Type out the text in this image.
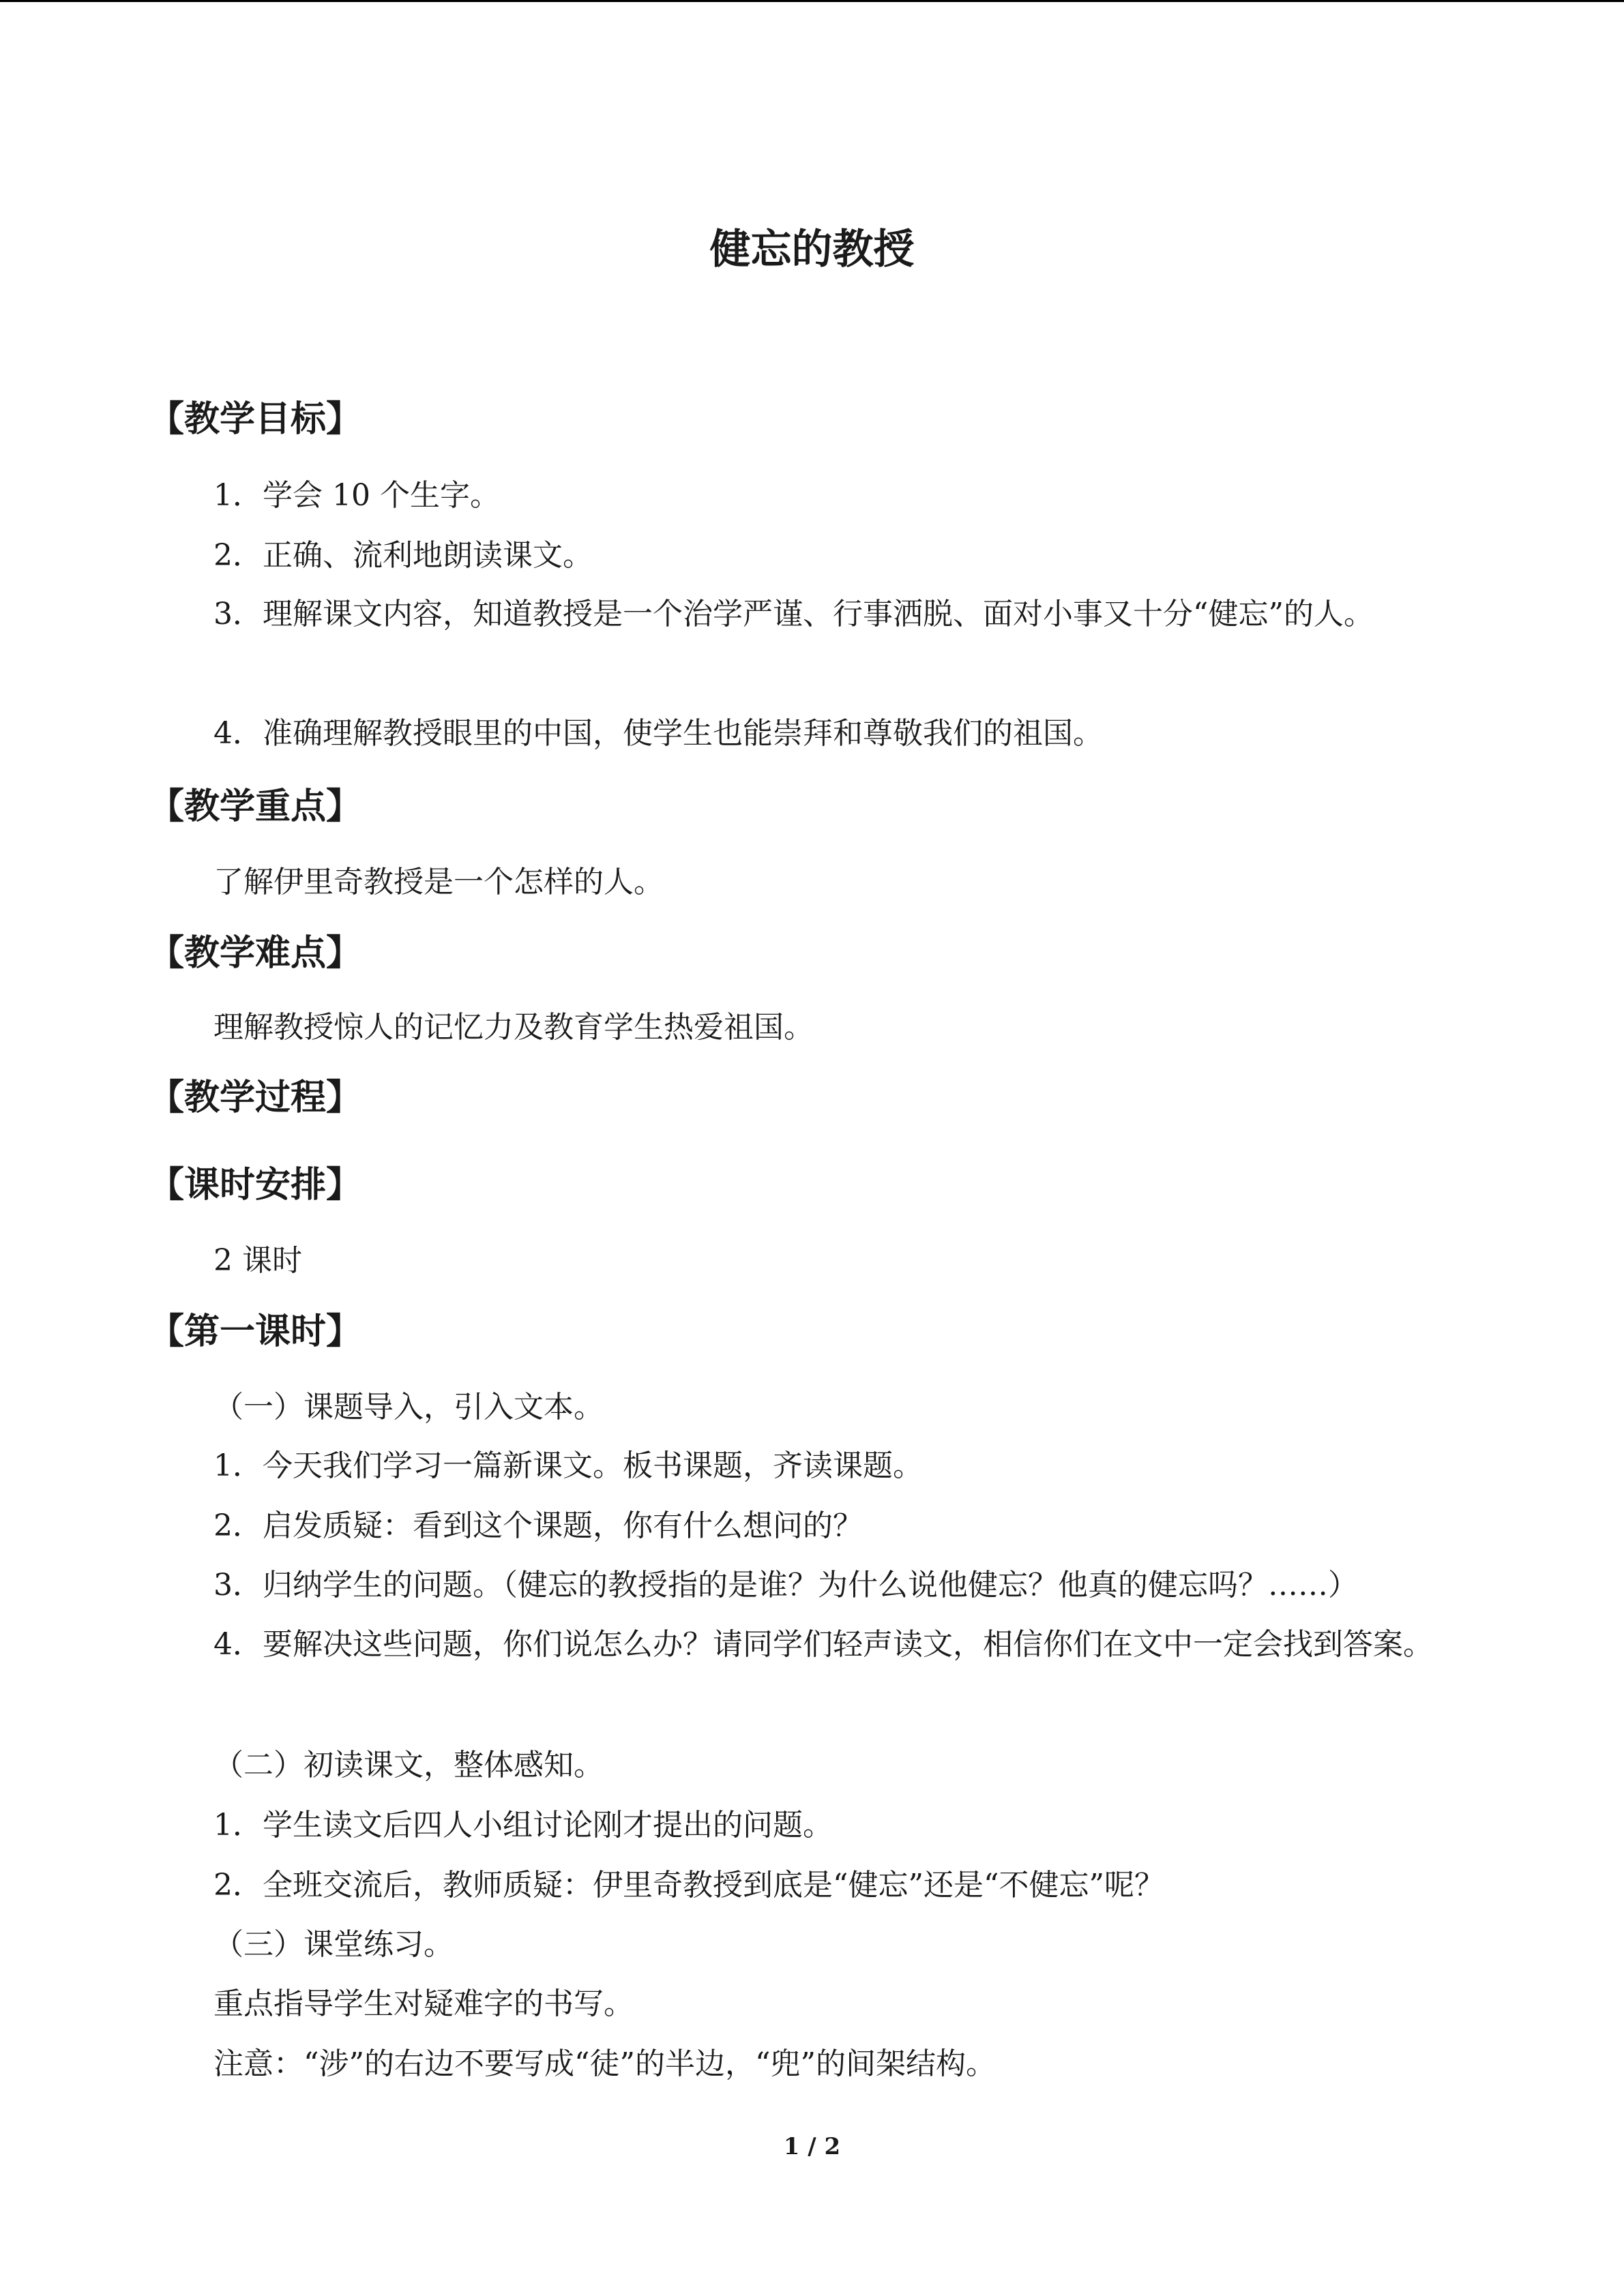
健忘的教授
【教学目标】
1．学会 10 个生字。
2．正确、流利地朗读课文。
3．理解课文内容，知道教授是一个治学严谨、行事洒脱、面对小事又十分“健忘”的人。
4．准确理解教授眼里的中国，使学生也能崇拜和尊敬我们的祖国。
【教学重点】
了解伊里奇教授是一个怎样的人。
【教学难点】
理解教授惊人的记忆力及教育学生热爱祖国。
【教学过程】
【课时安排】
2 课时
【第一课时】
（一）课题导入，引入文本。
1．今天我们学习一篇新课文。板书课题，齐读课题。
2．启发质疑：看到这个课题，你有什么想问的？
3．归纳学生的问题。（健忘的教授指的是谁？为什么说他健忘？他真的健忘吗？……）
4．要解决这些问题，你们说怎么办？请同学们轻声读文，相信你们在文中一定会找到答案。
（二）初读课文，整体感知。
1．学生读文后四人小组讨论刚才提出的问题。
2．全班交流后，教师质疑：伊里奇教授到底是“健忘”还是“不健忘”呢？
（三）课堂练习。
重点指导学生对疑难字的书写。
注意：“涉”的右边不要写成“徒”的半边，“兜”的间架结构。
1 / 2
